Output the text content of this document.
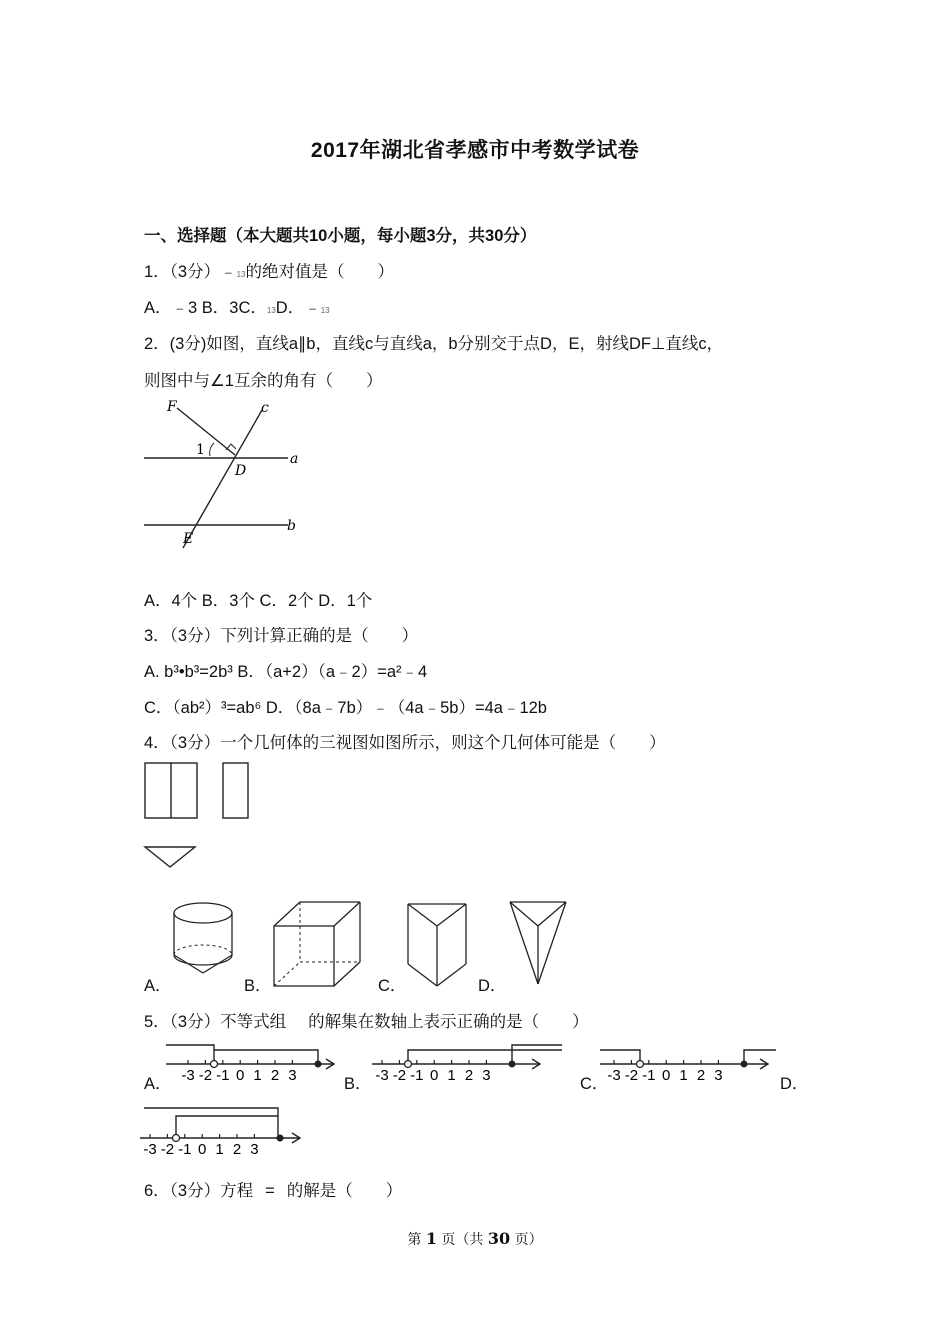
2017年湖北省孝感市中考数学试卷
一、选择题（本大题共10小题，每小题3分，共30分）
1．（3分）﹣13的绝对值是（　　）
A．﹣3 B．3C．13D．﹣13
2．(3分)如图，直线a∥b，直线c与直线a，b分别交于点D，E，射线DF⊥直线c，
则图中与∠1互余的角有（　　）
F	c
1
D
a
b
E
A．4个 B．3个 C．2个 D．1个
3．（3分）下列计算正确的是（　　）
A. b³•b³=2b³ B．（a+2）（a﹣2）=a²﹣4
C．（ab²）³=ab⁶ D．（8a﹣7b）﹣（4a﹣5b）=4a﹣12b
4．（3分）一个几何体的三视图如图所示，则这个几何体可能是（　　）
A．	B．	C．	D．
5．（3分）不等式组 的解集在数轴上表示正确的是（　　）
A． -3 -2 -1 0 1 2 3	B． -3 -2 -1 0 1 2 3	C．
-3 -2 -1 0 1 2 3	D．
-3 -2 -1 0 1 2 3
6．（3分）方程 = 的解是（　　）
第 1 页（共 30 页）
